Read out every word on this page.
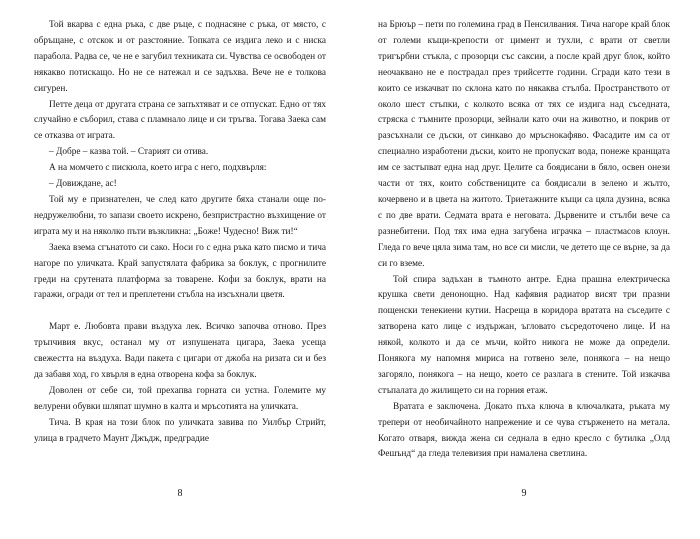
Той вкарва с една ръка, с две ръце, с поднасяне с ръка, от място, с обръщане, с отскок и от разстояние. Топката се издига леко и с ниска парабола. Радва се, че не е загубил техниката си. Чувства се освободен от някакво потискащо. Но не се натежал и се задъхва. Вече не е толкова сигурен.

Петте деца от другата страна се запъхтяват и се отпускат. Едно от тях случайно е съборил, става с пламнало лице и си тръгва. Тогава Заека сам се отказва от играта.

– Добре – казва той. – Старият си отива.

А на момчето с пискюла, което игра с него, подхвърля:

– Довиждане, ас!

Той му е признателен, че след като другите бяха станали още по-недружелюбни, то запази своето искрено, безпристрастно възхищение от играта му и на няколко пъти възкликна: „Боже! Чудесно! Виж ти!“

Заека взема сгънатото си сако. Носи го с една ръка като писмо и тича нагоре по уличката. Край запустялата фабрика за боклук, с прогнилите греди на срутената платформа за товарене. Кофи за боклук, врати на гаражи, огради от тел и преплетени стъбла на изсъхнали цветя.

Март е. Любовта прави въздуха лек. Всичко започва отново. През тръпчивия вкус, останал му от изпушената цигара, Заека усеща свежестта на въздуха. Вади пакета с цигари от джоба на ризата си и без да забавя ход, го хвърля в една отворена кофа за боклук.

Доволен от себе си, той прехапва горната си устна. Големите му велурени обувки шляпат шумно в калта и мръсотията на уличката.

Тича. В края на този блок по уличката завива по Уилбър Стрийт, улица в градчето Маунт Джъдж, предградие

8

на Брюър – пети по големина град в Пенсилвания. Тича нагоре край блок от големи къщи-крепости от цимент и тухли, с врати от светли тригърбни стъкла, с прозорци със саксии, а после край друг блок, който неочаквано не е пострадал през трийсетте години. Сгради като тези в които се изкачват по склона като по някаква стълба. Пространството от около шест стъпки, с колкото всяка от тях се издига над съседната, стряска с тъмните прозорци, зейнали като очи на животно, и покрив от разсъхнали се дъски, от синкаво до мръснокафяво. Фасадите им са от специално изработени дъски, които не пропускат вода, понеже кранщата им се застъпват една над друг. Целите са боядисани в бяло, освен онези части от тях, които собствениците са боядисали в зелено и жълто, кочервено и в цвета на житото. Триетажните къщи са цяла дузина, всяка с по две врати. Седмата врата е неговата. Дървените и стълби вече са разнебитени. Под тях има една загубена играчка – пластмасов клоун. Гледа го вече цяла зима там, но все си мисли, че детето ще се върне, за да си го вземе.

Той спира задъхан в тъмното антре. Една прашна електрическа крушка свети денонощно. Над кафявия радиатор висят три празни пощенски тенекиени кутии. Насреща в коридора вратата на съседите с затворена като лице с издържан, ъгловато съсредоточено лице. И на някой, колкото и да се мъчи, който никога не може да определи. Понякога му напомня мириса на готвено зеле, понякога – на нещо загоряло, понякога – на нещо, което се разлага в стените. Той изкачва стъпалата до жилището си на горния етаж.

Вратата е заключена. Докато пъха ключа в ключалката, ръката му трепери от необичайното напрежение и се чува стърженето на метала. Когато отваря, вижда жена си седнала в едно кресло с бутилка „Олд Фешънд“ да гледа телевизия при намалена светлина.

9
